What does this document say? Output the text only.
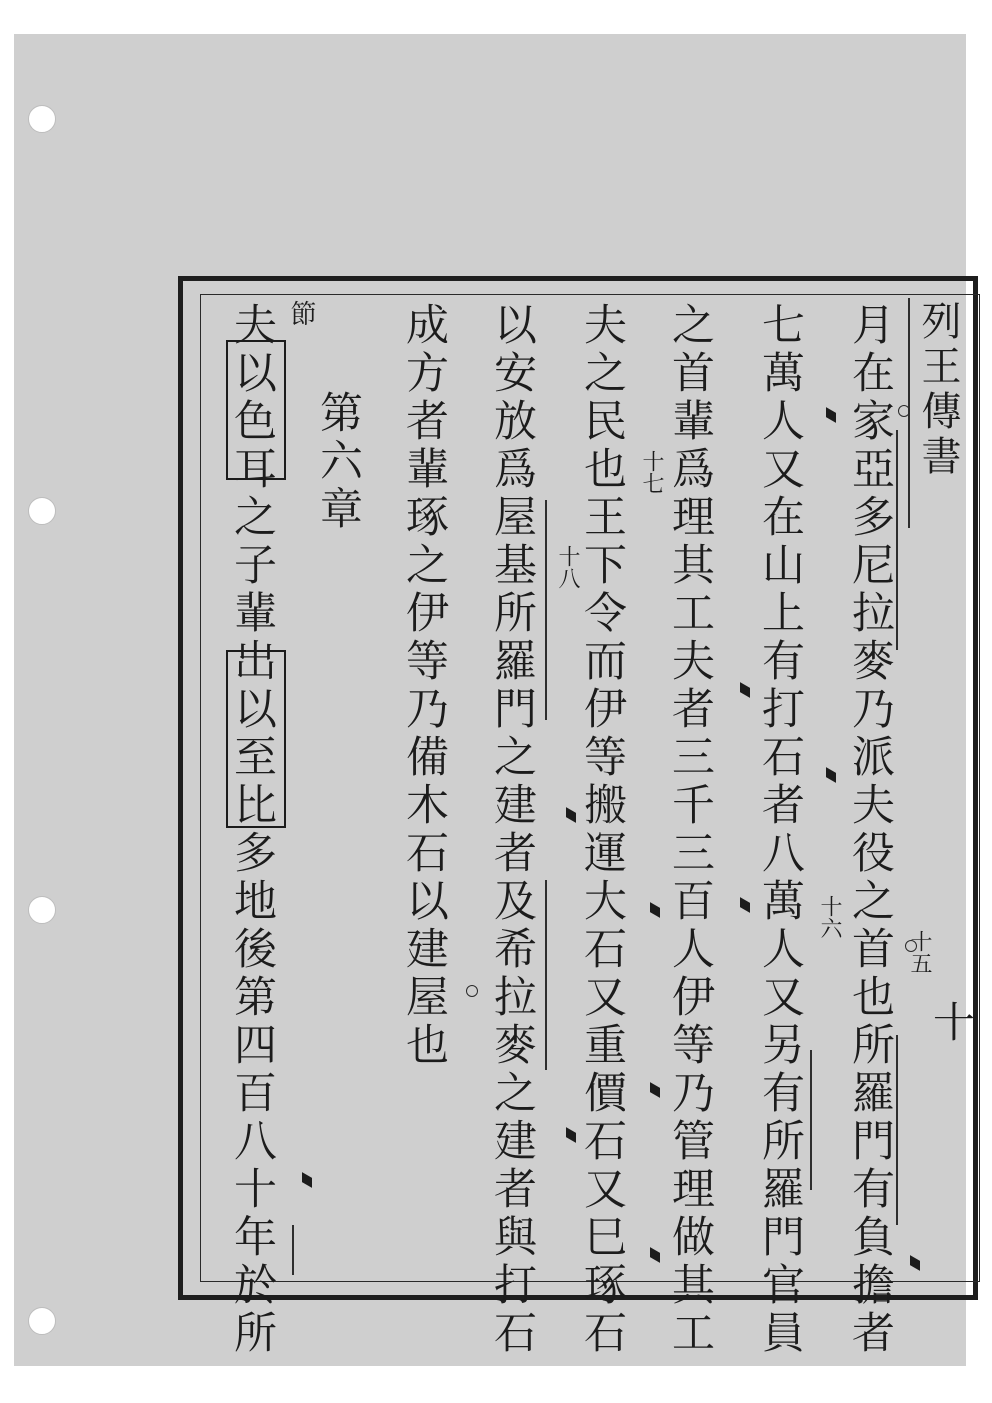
列王傳書
十
月在家亞多尼拉麥乃派夫役之首也所羅門有負擔者
七萬人又在山上有打石者八萬人又另有所羅門官員
之首輩爲理其工夫者三千三百人伊等乃管理做其工
夫之民也王下令而伊等搬運大石又重價石又巳琢石
以安放爲屋基所羅門之建者及希拉麥之建者與打石
成方者輩琢之伊等乃備木石以建屋也
第六章
夫以色耳之子輩出以至比多地後第四百八十年於所	十五
十六
十七
十八
節
